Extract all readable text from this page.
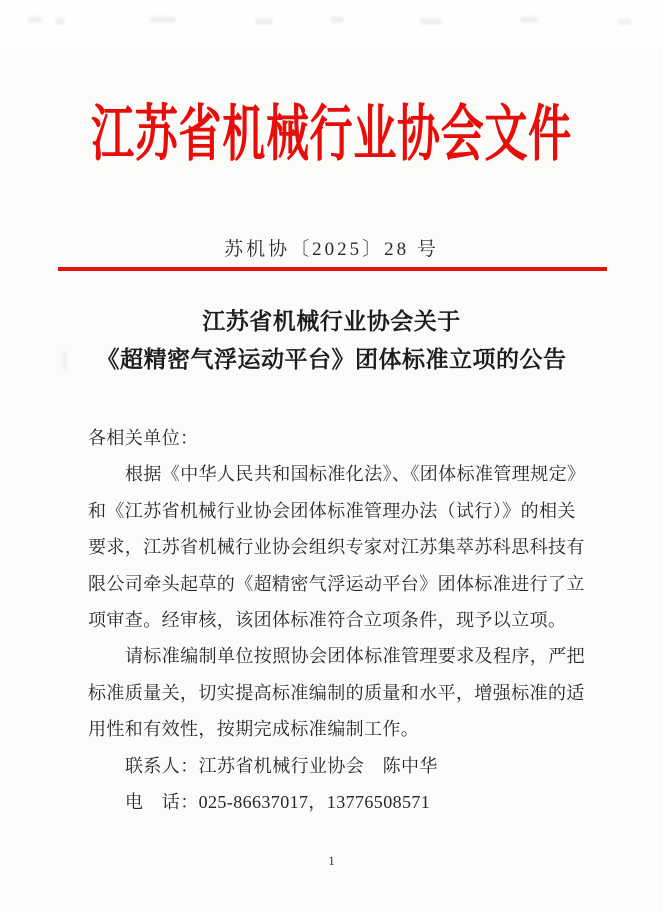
江苏省机械行业协会文件
苏机协〔2025〕28 号
江苏省机械行业协会关于
《超精密气浮运动平台》团体标准立项的公告
各相关单位：
根据《中华人民共和国标准化法》、《团体标准管理规定》
和《江苏省机械行业协会团体标准管理办法（试行）》的相关
要求，江苏省机械行业协会组织专家对江苏集萃苏科思科技有
限公司牵头起草的《超精密气浮运动平台》团体标准进行了立
项审查。经审核，该团体标准符合立项条件，现予以立项。
请标准编制单位按照协会团体标准管理要求及程序，严把
标准质量关，切实提高标准编制的质量和水平，增强标准的适
用性和有效性，按期完成标准编制工作。
联系人：江苏省机械行业协会　陈中华
电　话：025-86637017，13776508571
1
